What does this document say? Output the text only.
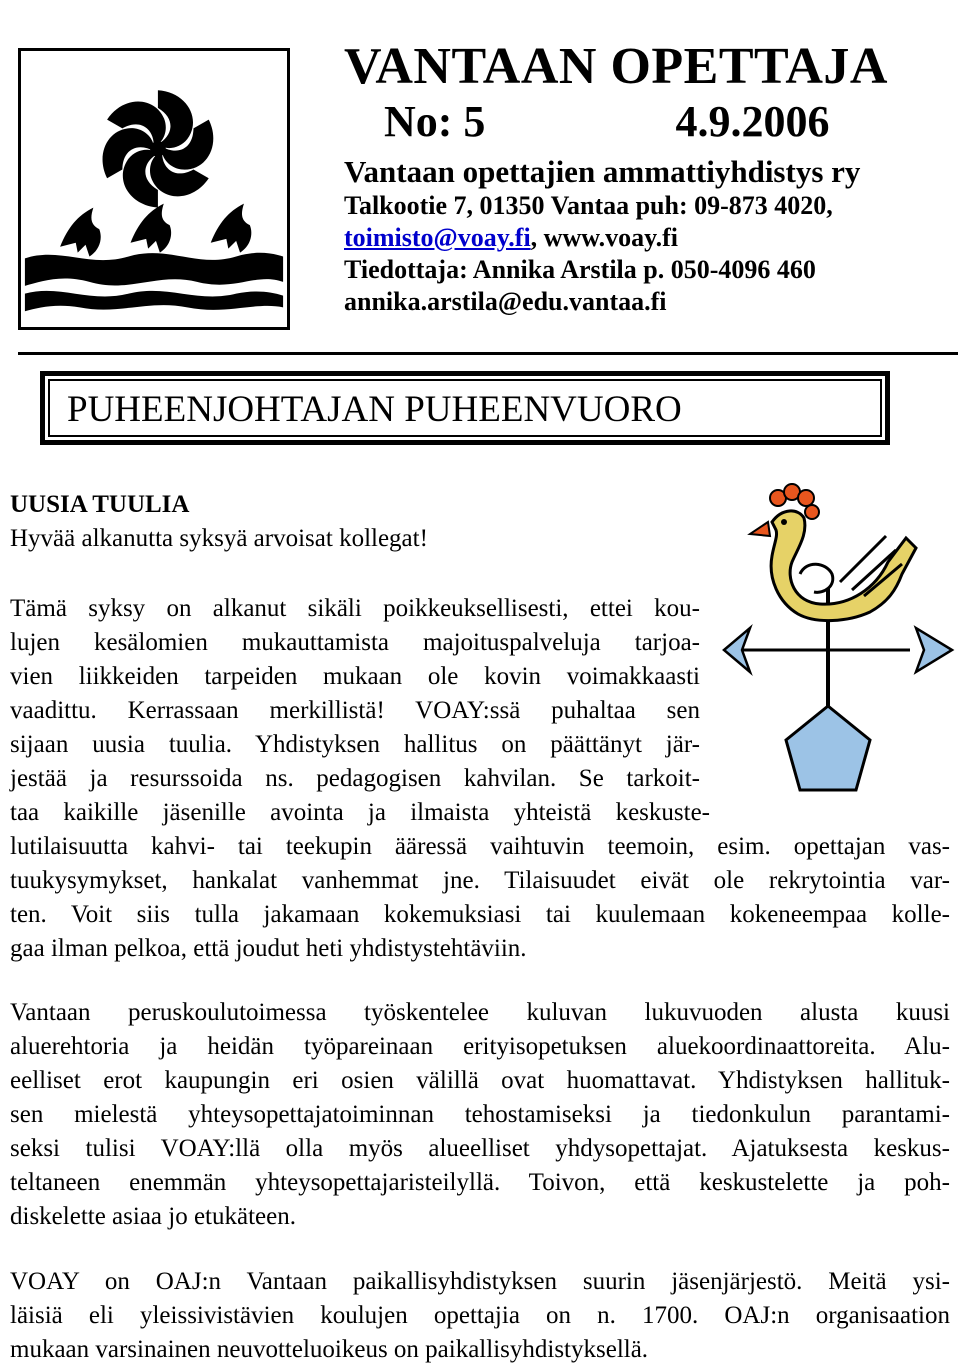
VANTAAN OPETTAJA
No: 5	4.9.2006
Vantaan opettajien ammattiyhdistys ry
Talkootie 7, 01350 Vantaa puh: 09-873 4020,
toimisto@voay.fi, www.voay.fi
Tiedottaja: Annika Arstila p. 050-4096 460
annika.arstila@edu.vantaa.fi
PUHEENJOHTAJAN PUHEENVUORO
UUSIA TUULIA
Hyvää alkanutta syksyä arvoisat kollegat!
Tämä syksy on alkanut sikäli poikkeuksellisesti, ettei kou-
lujen kesälomien mukauttamista majoituspalveluja tarjoa-
vien liikkeiden tarpeiden mukaan ole kovin voimakkaasti
vaadittu. Kerrassaan merkillistä! VOAY:ssä puhaltaa sen
sijaan uusia tuulia. Yhdistyksen hallitus on päättänyt jär-
jestää ja resurssoida ns. pedagogisen kahvilan. Se tarkoit-
taa kaikille jäsenille avointa ja ilmaista yhteistä keskuste-
lutilaisuutta kahvi- tai teekupin ääressä vaihtuvin teemoin, esim. opettajan vas-
tuukysymykset, hankalat vanhemmat jne. Tilaisuudet eivät ole rekrytointia var-
ten. Voit siis tulla jakamaan kokemuksiasi tai kuulemaan kokeneempaa kolle-
gaa ilman pelkoa, että joudut heti yhdistystehtäviin.
Vantaan peruskoulutoimessa työskentelee kuluvan lukuvuoden alusta kuusi
aluerehtoria ja heidän työpareinaan erityisopetuksen aluekoordinaattoreita. Alu-
eelliset erot kaupungin eri osien välillä ovat huomattavat. Yhdistyksen hallituk-
sen mielestä yhteysopettajatoiminnan tehostamiseksi ja tiedonkulun parantami-
seksi tulisi VOAY:llä olla myös alueelliset yhdysopettajat. Ajatuksesta keskus-
teltaneen enemmän yhteysopettajaristeilyllä. Toivon, että keskustelette ja poh-
diskelette asiaa jo etukäteen.
VOAY on OAJ:n Vantaan paikallisyhdistyksen suurin jäsenjärjestö. Meitä ysi-
läisiä eli yleissivistävien koulujen opettajia on n. 1700. OAJ:n organisaation
mukaan varsinainen neuvotteluoikeus on paikallisyhdistyksellä.
